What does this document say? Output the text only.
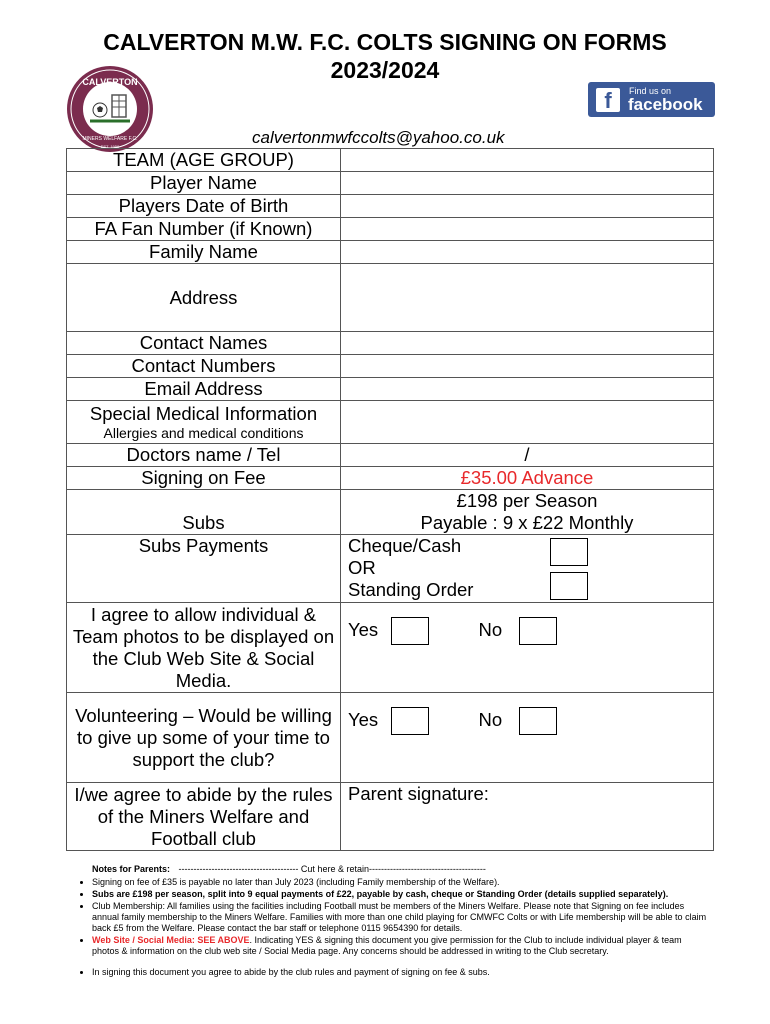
CALVERTON M.W. F.C. COLTS SIGNING ON FORMS
2023/2024
CALVERTON
MINERS WELFARE F.C.
EST. 1950
f	Find us on
facebook
calvertonmwfccolts@yahoo.co.uk
TEAM (AGE GROUP)	
Player Name	
Players Date of Birth	
FA Fan Number (if Known)	
Family Name	
Address	
Contact Names	
Contact Numbers	
Email Address	

Special Medical Information
Allergies and medical conditions	

Doctors name / Tel	/
Signing on Fee	£35.00 Advance
Subs	£198 per Season
Payable : 9 x £22 Monthly

Subs Payments	Cheque/Cash
OR
Standing Order

I agree to allow individual & Team photos to be displayed on the Club Web Site & Social Media.	Yes No
Volunteering – Would be willing to give up some of your time to support the club?	Yes No
I/we agree to abide by the rules of the Miners Welfare and Football club	Parent signature:
Notes for Parents: ---------------------------------------- Cut here & retain---------------------------------------
• Signing on fee of £35 is payable no later than July 2023 (including Family membership of the Welfare).
• Subs are £198 per season, split into 9 equal payments of £22, payable by cash, cheque or Standing Order (details supplied separately).
• Club Membership: All families using the facilities including Football must be members of the Miners Welfare. Please note that Signing on fee includes annual family membership to the Miners Welfare. Families with more than one child playing for CMWFC Colts or with Life membership will be able to claim back £5 from the Welfare. Please contact the bar staff or telephone 0115 9654390 for details.
• Web Site / Social Media: SEE ABOVE. Indicating YES & signing this document you give permission for the Club to include individual player & team photos & information on the club web site / Social Media page. Any concerns should be addressed in writing to the Club secretary.
• In signing this document you agree to abide by the club rules and payment of signing on fee & subs.
